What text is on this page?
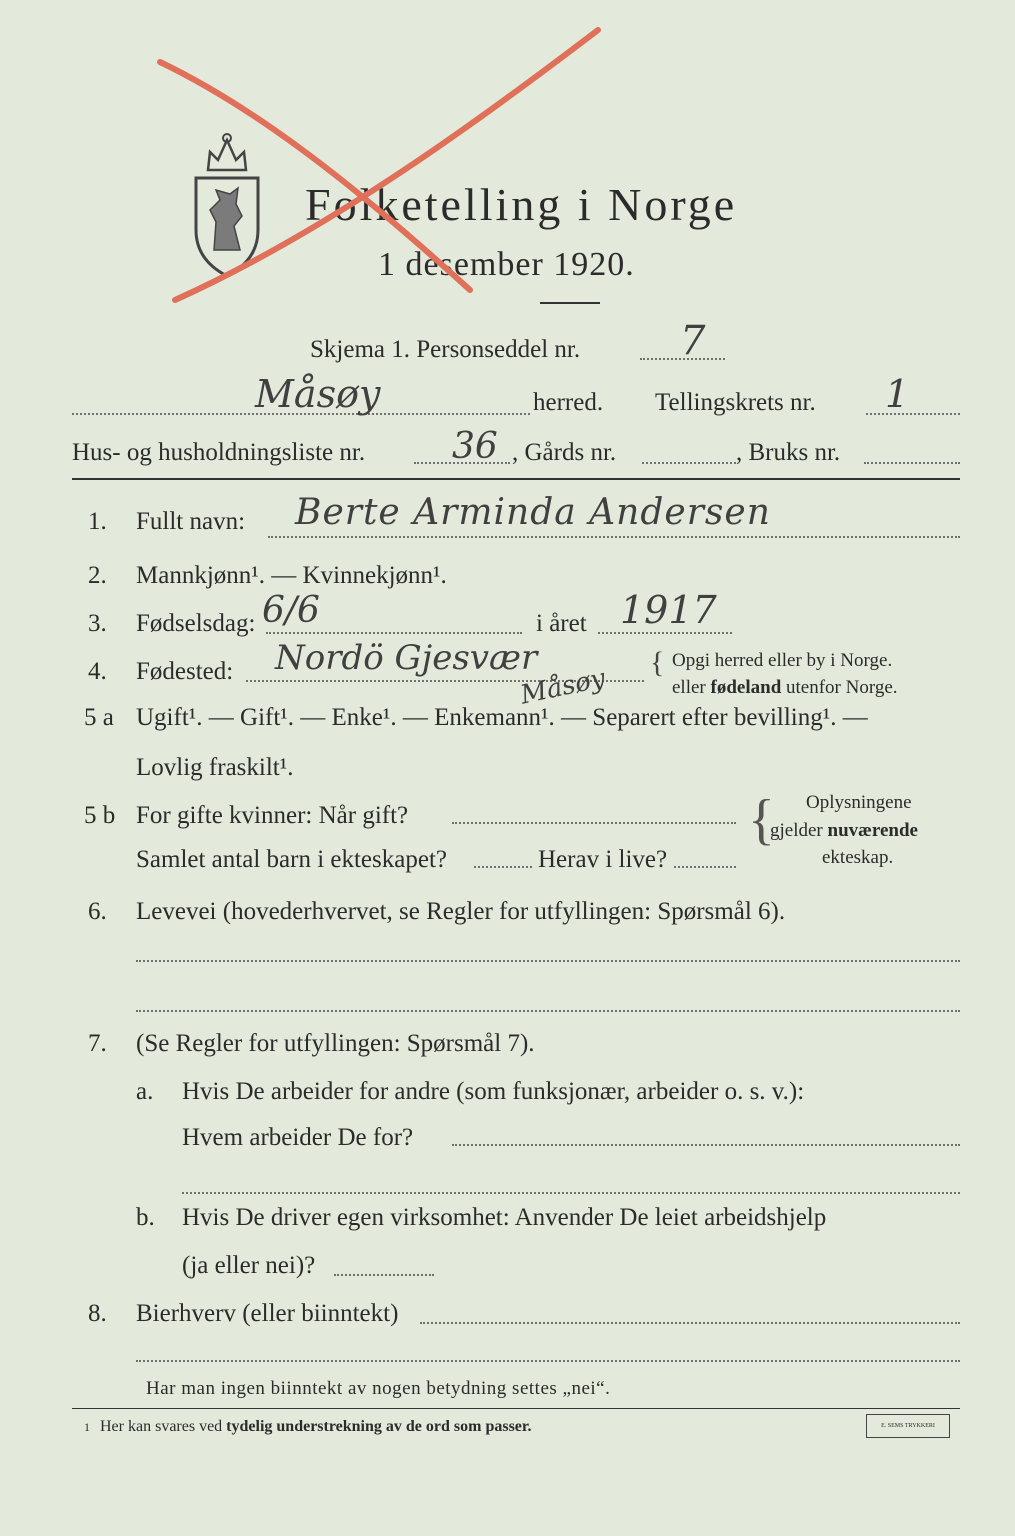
Folketelling i Norge
1 desember 1920.
Skjema 1. Personseddel nr. 7
Måsøy	herred. Tellingskrets nr. 1
Hus- og husholdningsliste nr. 36 , Gårds nr.	, Bruks nr.
1. Fullt navn: Berte Arminda Andersen
2. Mannkjønn¹. — Kvinnekjønn¹.
3. Fødselsdag: 6/6	i året 1917
4. Fødested: Nordö Gjesvær
Måsøy
{ Opgi herred eller by i Norge.
eller fødeland utenfor Norge.
5 a Ugift¹. — Gift¹. — Enke¹. — Enkemann¹. — Separert efter bevilling¹. —
Lovlig fraskilt¹.
5 b For gifte kvinner: Når gift?
Samlet antal barn i ekteskapet?	Herav i live?
{ Oplysningene
gjelder nuværende
ekteskap.
6. Levevei (hovederhvervet, se Regler for utfyllingen: Spørsmål 6).
7. (Se Regler for utfyllingen: Spørsmål 7).
a. Hvis De arbeider for andre (som funksjonær, arbeider o. s. v.):
Hvem arbeider De for?
b. Hvis De driver egen virksomhet: Anvender De leiet arbeidshjelp
(ja eller nei)?
8. Bierhverv (eller biinntekt)
Har man ingen biinntekt av nogen betydning settes „nei“.
1 Her kan svares ved tydelig understrekning av de ord som passer.	E. SEMS TRYKKERI
